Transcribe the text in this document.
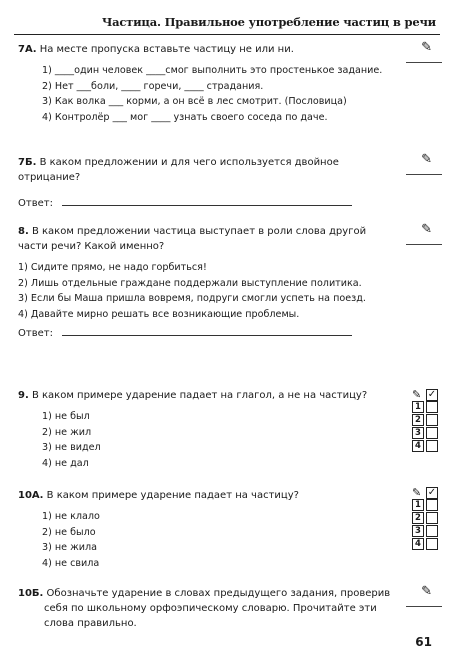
Частица. Правильное употребление частиц в речи
7А. На месте пропуска вставьте частицу не или ни.
1) ____один человек ____смог выполнить это простенькое задание.
2) Нет ___боли, ____ горечи, ____ страдания.
3) Как волка ___ корми, а он всё в лес смотрит. (Пословица)
4) Контролёр ___ мог ____ узнать своего соседа по даче.
✎
7Б. В каком предложении и для чего используется двойное отрицание?
Ответ:
✎
8. В каком предложении частица выступает в роли слова другой части речи? Какой именно?
1) Сидите прямо, не надо горбиться!
2) Лишь отдельные граждане поддержали выступление политика.
3) Если бы Маша пришла вовремя, подруги смогли успеть на поезд.
4) Давайте мирно решать все возникающие проблемы.
Ответ:
✎
9. В каком примере ударение падает на глагол, а не на частицу?
1) не был
2) не жил
3) не видел
4) не дал
✎ ✓
1
2
3
4
10А. В каком примере ударение падает на частицу?
1) не клало
2) не было
3) не жила
4) не свила
✎ ✓
1
2
3
4
10Б. Обозначьте ударение в словах предыдущего задания, проверив себя по школьному орфоэпическому словарю. Прочитайте эти слова правильно.
✎
61
